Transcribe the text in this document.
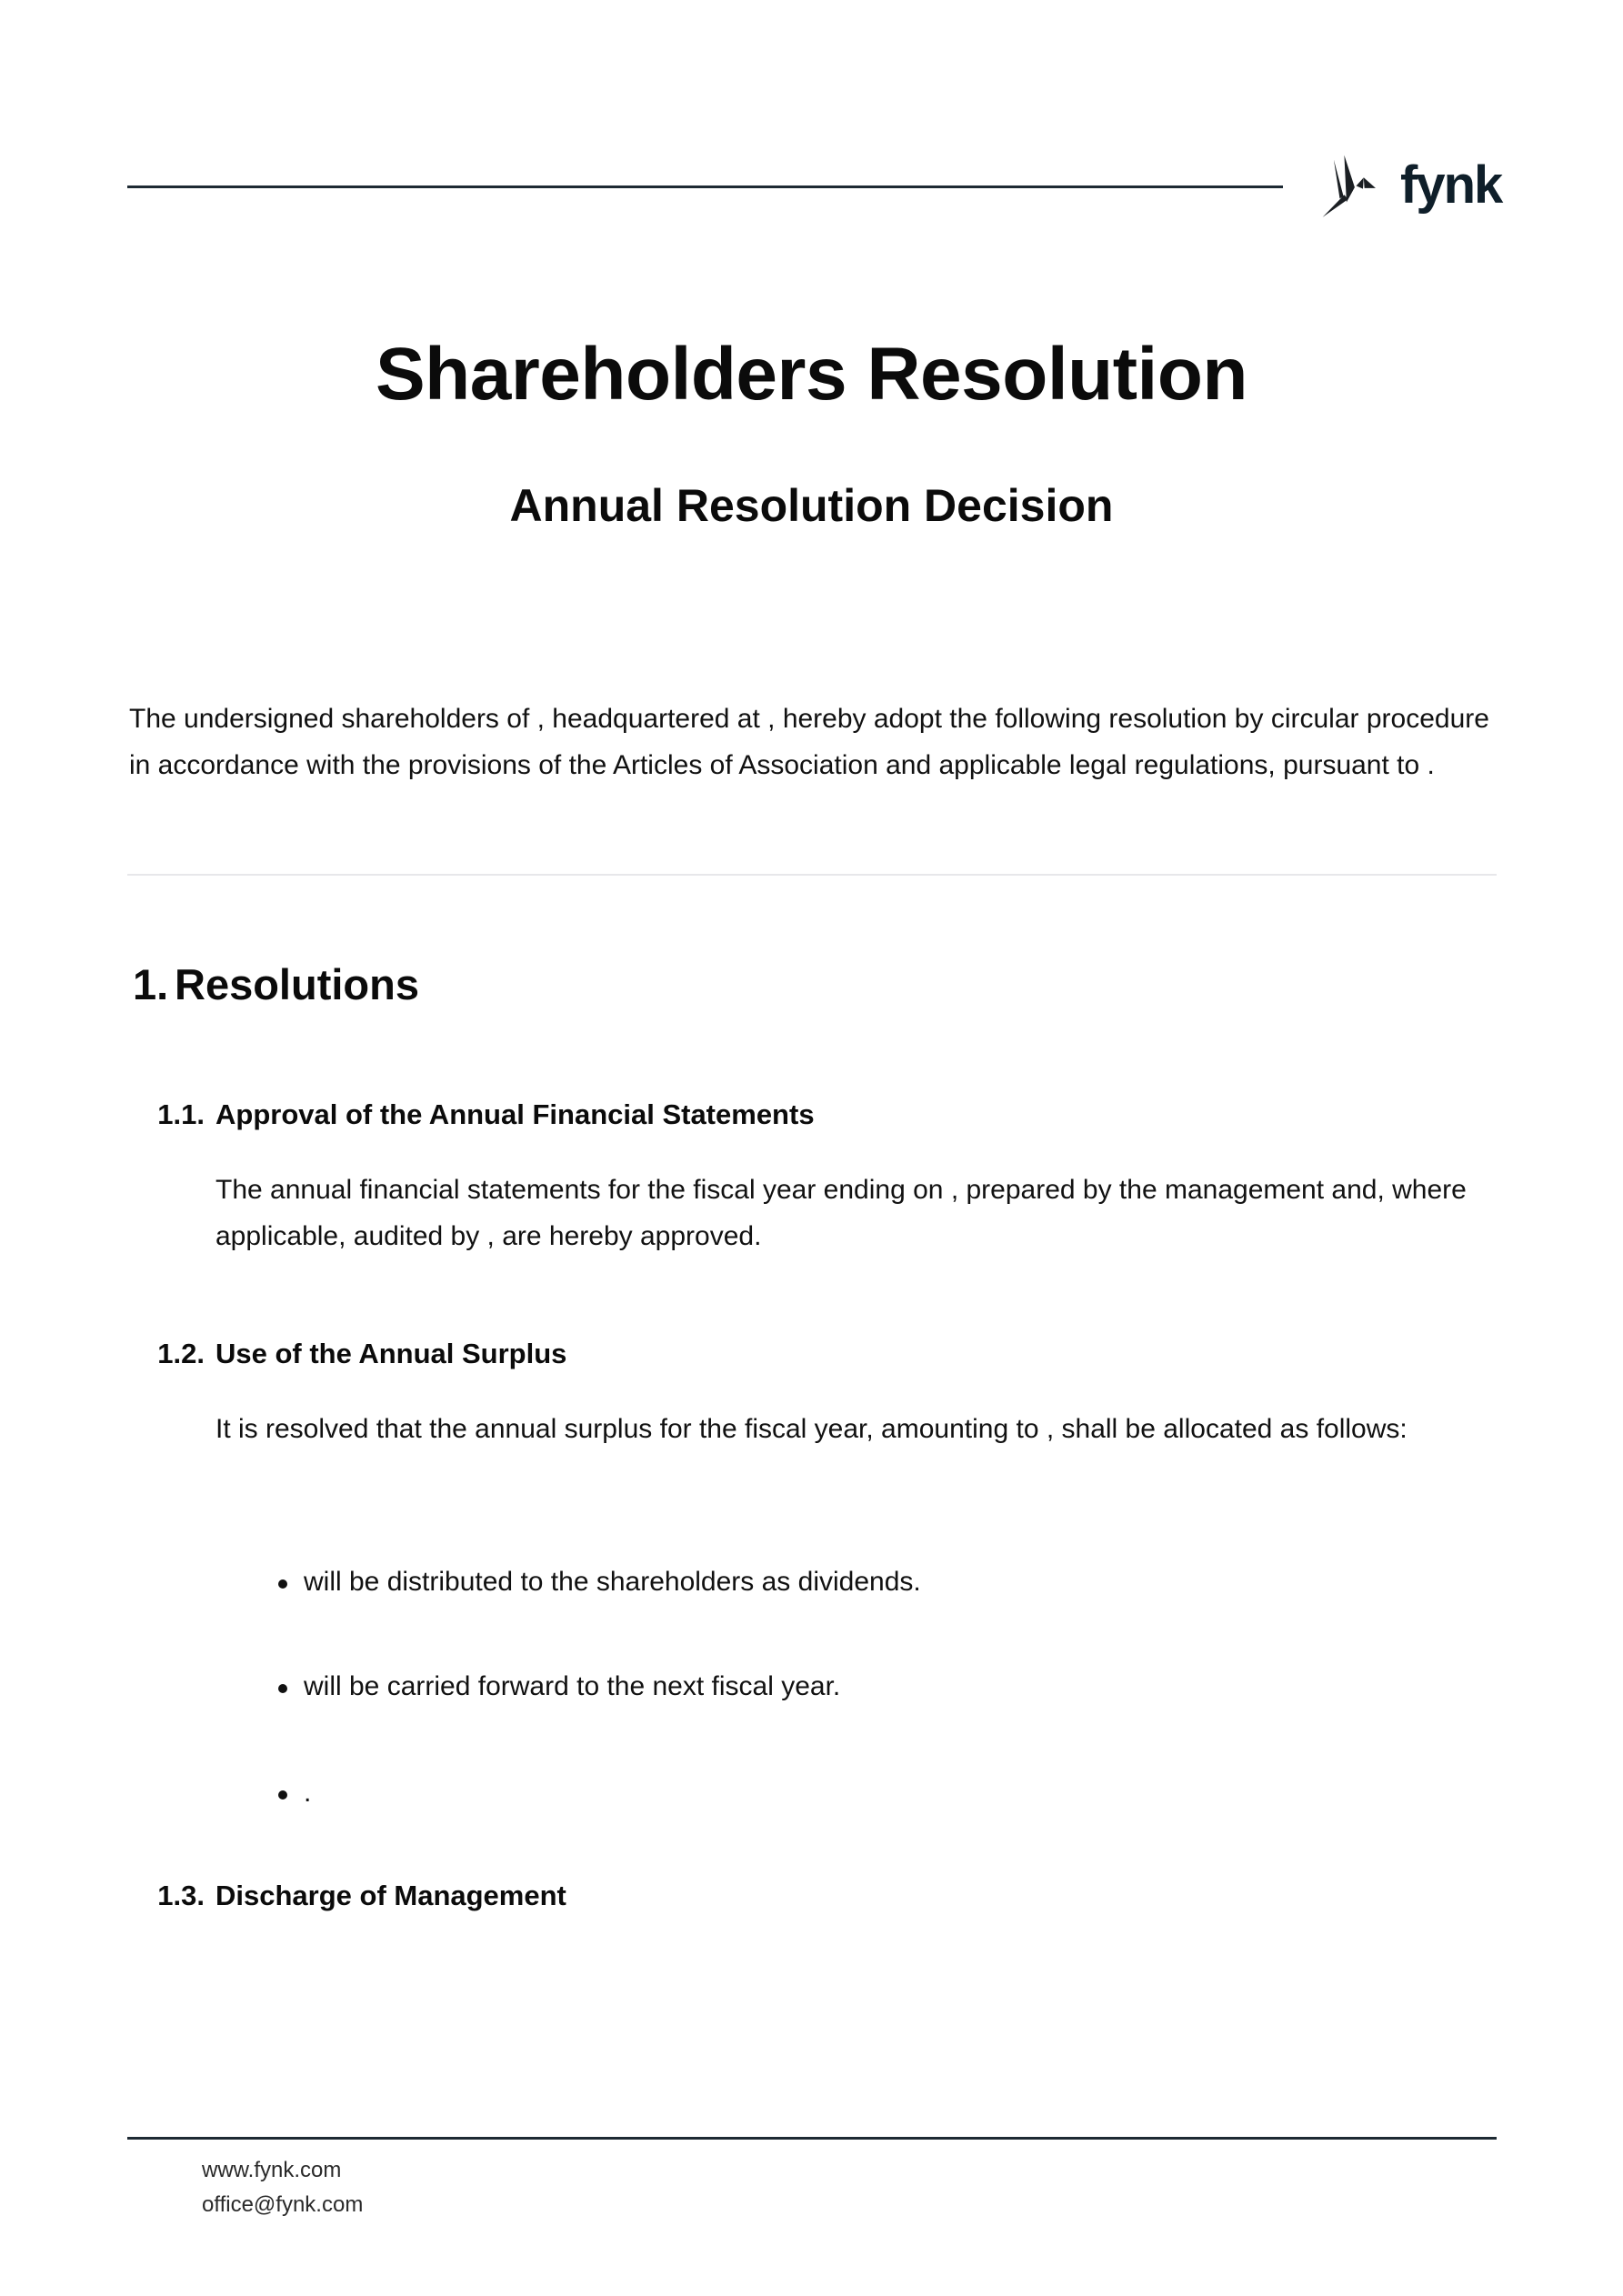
fynk
Shareholders Resolution
Annual Resolution Decision

The undersigned shareholders of , headquartered at , hereby adopt the following resolution by circular procedure in accordance with the provisions of the Articles of Association and applicable legal regulations, pursuant to .

1. Resolutions
1.1. Approval of the Annual Financial Statements

The annual financial statements for the fiscal year ending on , prepared by the management and, where applicable, audited by , are hereby approved.

1.2. Use of the Annual Surplus

It is resolved that the annual surplus for the fiscal year, amounting to , shall be allocated as follows:

will be distributed to the shareholders as dividends.
will be carried forward to the next fiscal year.
.
1.3. Discharge of Management
www.fynk.com
office@fynk.com
